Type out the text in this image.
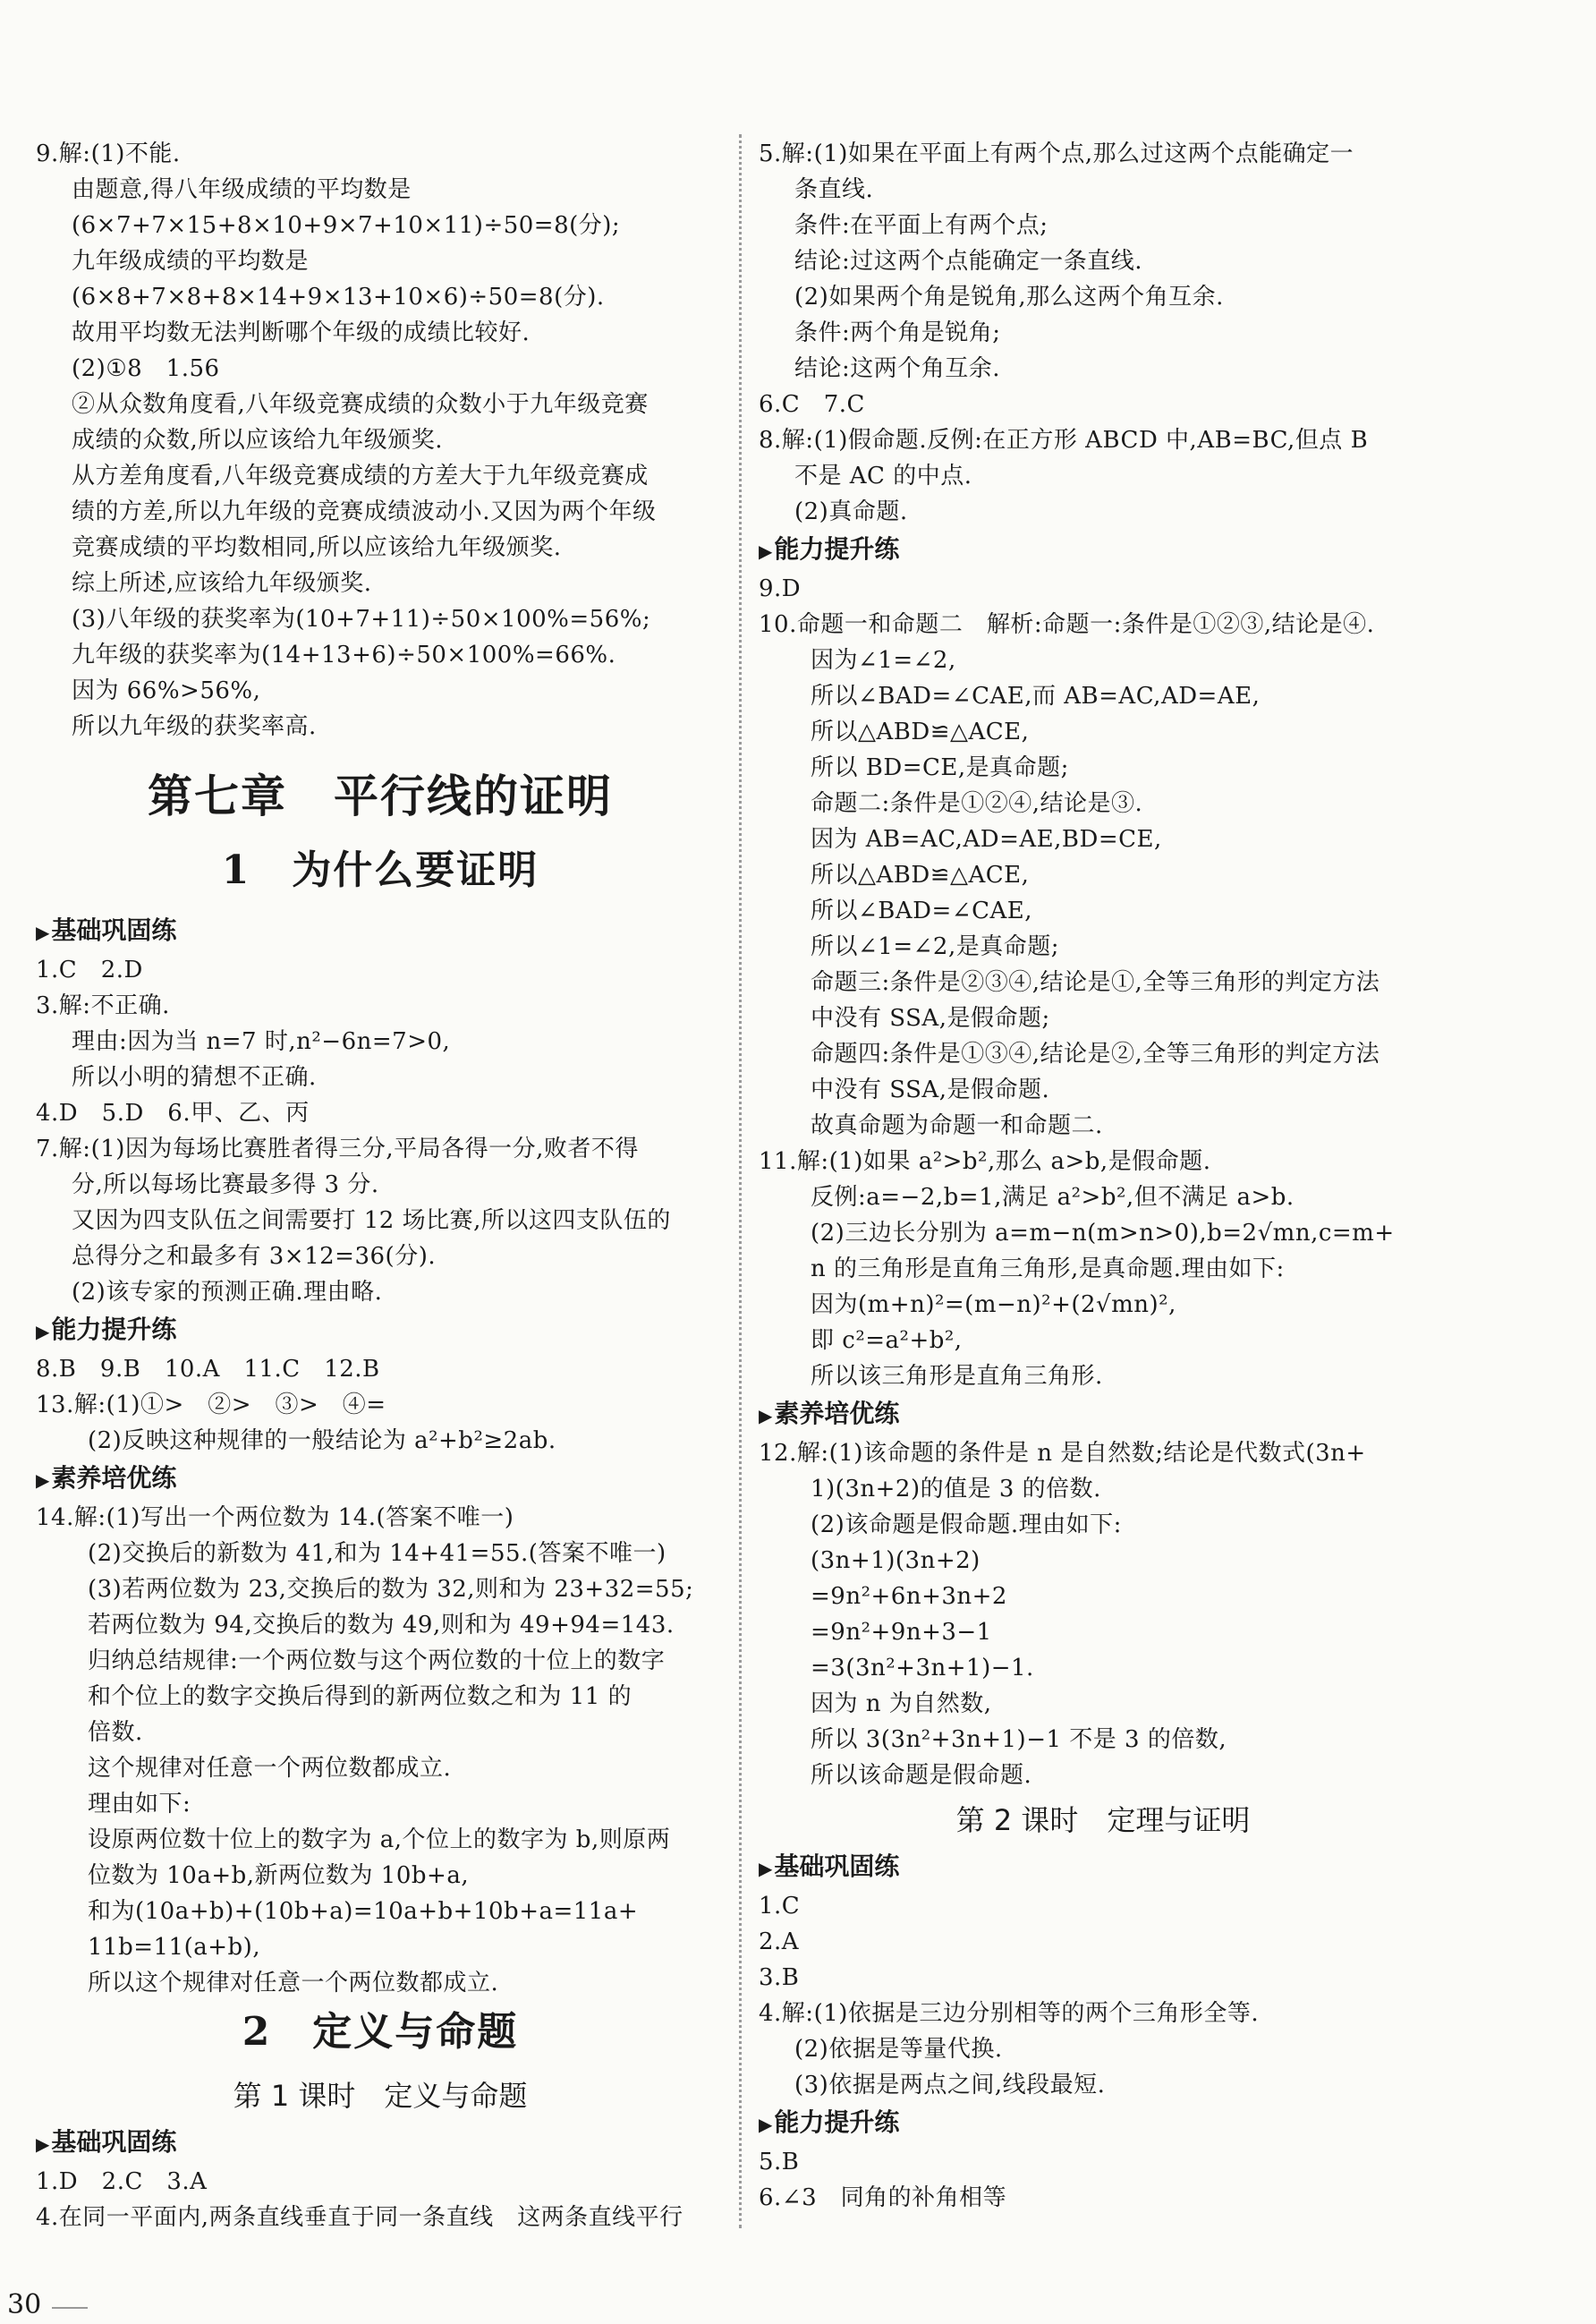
9.解:(1)不能.
由题意,得八年级成绩的平均数是
(6×7+7×15+8×10+9×7+10×11)÷50=8(分);
九年级成绩的平均数是
(6×8+7×8+8×14+9×13+10×6)÷50=8(分).
故用平均数无法判断哪个年级的成绩比较好.
(2)①8　1.56
②从众数角度看,八年级竞赛成绩的众数小于九年级竞赛
成绩的众数,所以应该给九年级颁奖.
从方差角度看,八年级竞赛成绩的方差大于九年级竞赛成
绩的方差,所以九年级的竞赛成绩波动小.又因为两个年级
竞赛成绩的平均数相同,所以应该给九年级颁奖.
综上所述,应该给九年级颁奖.
(3)八年级的获奖率为(10+7+11)÷50×100%=56%;
九年级的获奖率为(14+13+6)÷50×100%=66%.
因为 66%>56%,
所以九年级的获奖率高.
第七章　平行线的证明
1　为什么要证明
▶基础巩固练
1.C　2.D
3.解:不正确.
理由:因为当 n=7 时,n²−6n=7>0,
所以小明的猜想不正确.
4.D　5.D　6.甲、乙、丙
7.解:(1)因为每场比赛胜者得三分,平局各得一分,败者不得
分,所以每场比赛最多得 3 分.
又因为四支队伍之间需要打 12 场比赛,所以这四支队伍的
总得分之和最多有 3×12=36(分).
(2)该专家的预测正确.理由略.
▶能力提升练
8.B　9.B　10.A　11.C　12.B
13.解:(1)①>　②>　③>　④=
(2)反映这种规律的一般结论为 a²+b²≥2ab.
▶素养培优练
14.解:(1)写出一个两位数为 14.(答案不唯一)
(2)交换后的新数为 41,和为 14+41=55.(答案不唯一)
(3)若两位数为 23,交换后的数为 32,则和为 23+32=55;
若两位数为 94,交换后的数为 49,则和为 49+94=143.
归纳总结规律:一个两位数与这个两位数的十位上的数字
和个位上的数字交换后得到的新两位数之和为 11 的
倍数.
这个规律对任意一个两位数都成立.
理由如下:
设原两位数十位上的数字为 a,个位上的数字为 b,则原两
位数为 10a+b,新两位数为 10b+a,
和为(10a+b)+(10b+a)=10a+b+10b+a=11a+
11b=11(a+b),
所以这个规律对任意一个两位数都成立.
2　定义与命题
第 1 课时　定义与命题
▶基础巩固练
1.D　2.C　3.A
4.在同一平面内,两条直线垂直于同一条直线　这两条直线平行
5.解:(1)如果在平面上有两个点,那么过这两个点能确定一
条直线.
条件:在平面上有两个点;
结论:过这两个点能确定一条直线.
(2)如果两个角是锐角,那么这两个角互余.
条件:两个角是锐角;
结论:这两个角互余.
6.C　7.C
8.解:(1)假命题.反例:在正方形 ABCD 中,AB=BC,但点 B
不是 AC 的中点.
(2)真命题.
▶能力提升练
9.D
10.命题一和命题二　解析:命题一:条件是①②③,结论是④.
因为∠1=∠2,
所以∠BAD=∠CAE,而 AB=AC,AD=AE,
所以△ABD≌△ACE,
所以 BD=CE,是真命题;
命题二:条件是①②④,结论是③.
因为 AB=AC,AD=AE,BD=CE,
所以△ABD≌△ACE,
所以∠BAD=∠CAE,
所以∠1=∠2,是真命题;
命题三:条件是②③④,结论是①,全等三角形的判定方法
中没有 SSA,是假命题;
命题四:条件是①③④,结论是②,全等三角形的判定方法
中没有 SSA,是假命题.
故真命题为命题一和命题二.
11.解:(1)如果 a²>b²,那么 a>b,是假命题.
反例:a=−2,b=1,满足 a²>b²,但不满足 a>b.
(2)三边长分别为 a=m−n(m>n>0),b=2√mn,c=m+
n 的三角形是直角三角形,是真命题.理由如下:
因为(m+n)²=(m−n)²+(2√mn)²,
即 c²=a²+b²,
所以该三角形是直角三角形.
▶素养培优练
12.解:(1)该命题的条件是 n 是自然数;结论是代数式(3n+
1)(3n+2)的值是 3 的倍数.
(2)该命题是假命题.理由如下:
(3n+1)(3n+2)
=9n²+6n+3n+2
=9n²+9n+3−1
=3(3n²+3n+1)−1.
因为 n 为自然数,
所以 3(3n²+3n+1)−1 不是 3 的倍数,
所以该命题是假命题.
第 2 课时　定理与证明
▶基础巩固练
1.C
2.A
3.B
4.解:(1)依据是三边分别相等的两个三角形全等.
(2)依据是等量代换.
(3)依据是两点之间,线段最短.
▶能力提升练
5.B
6.∠3　同角的补角相等
30
